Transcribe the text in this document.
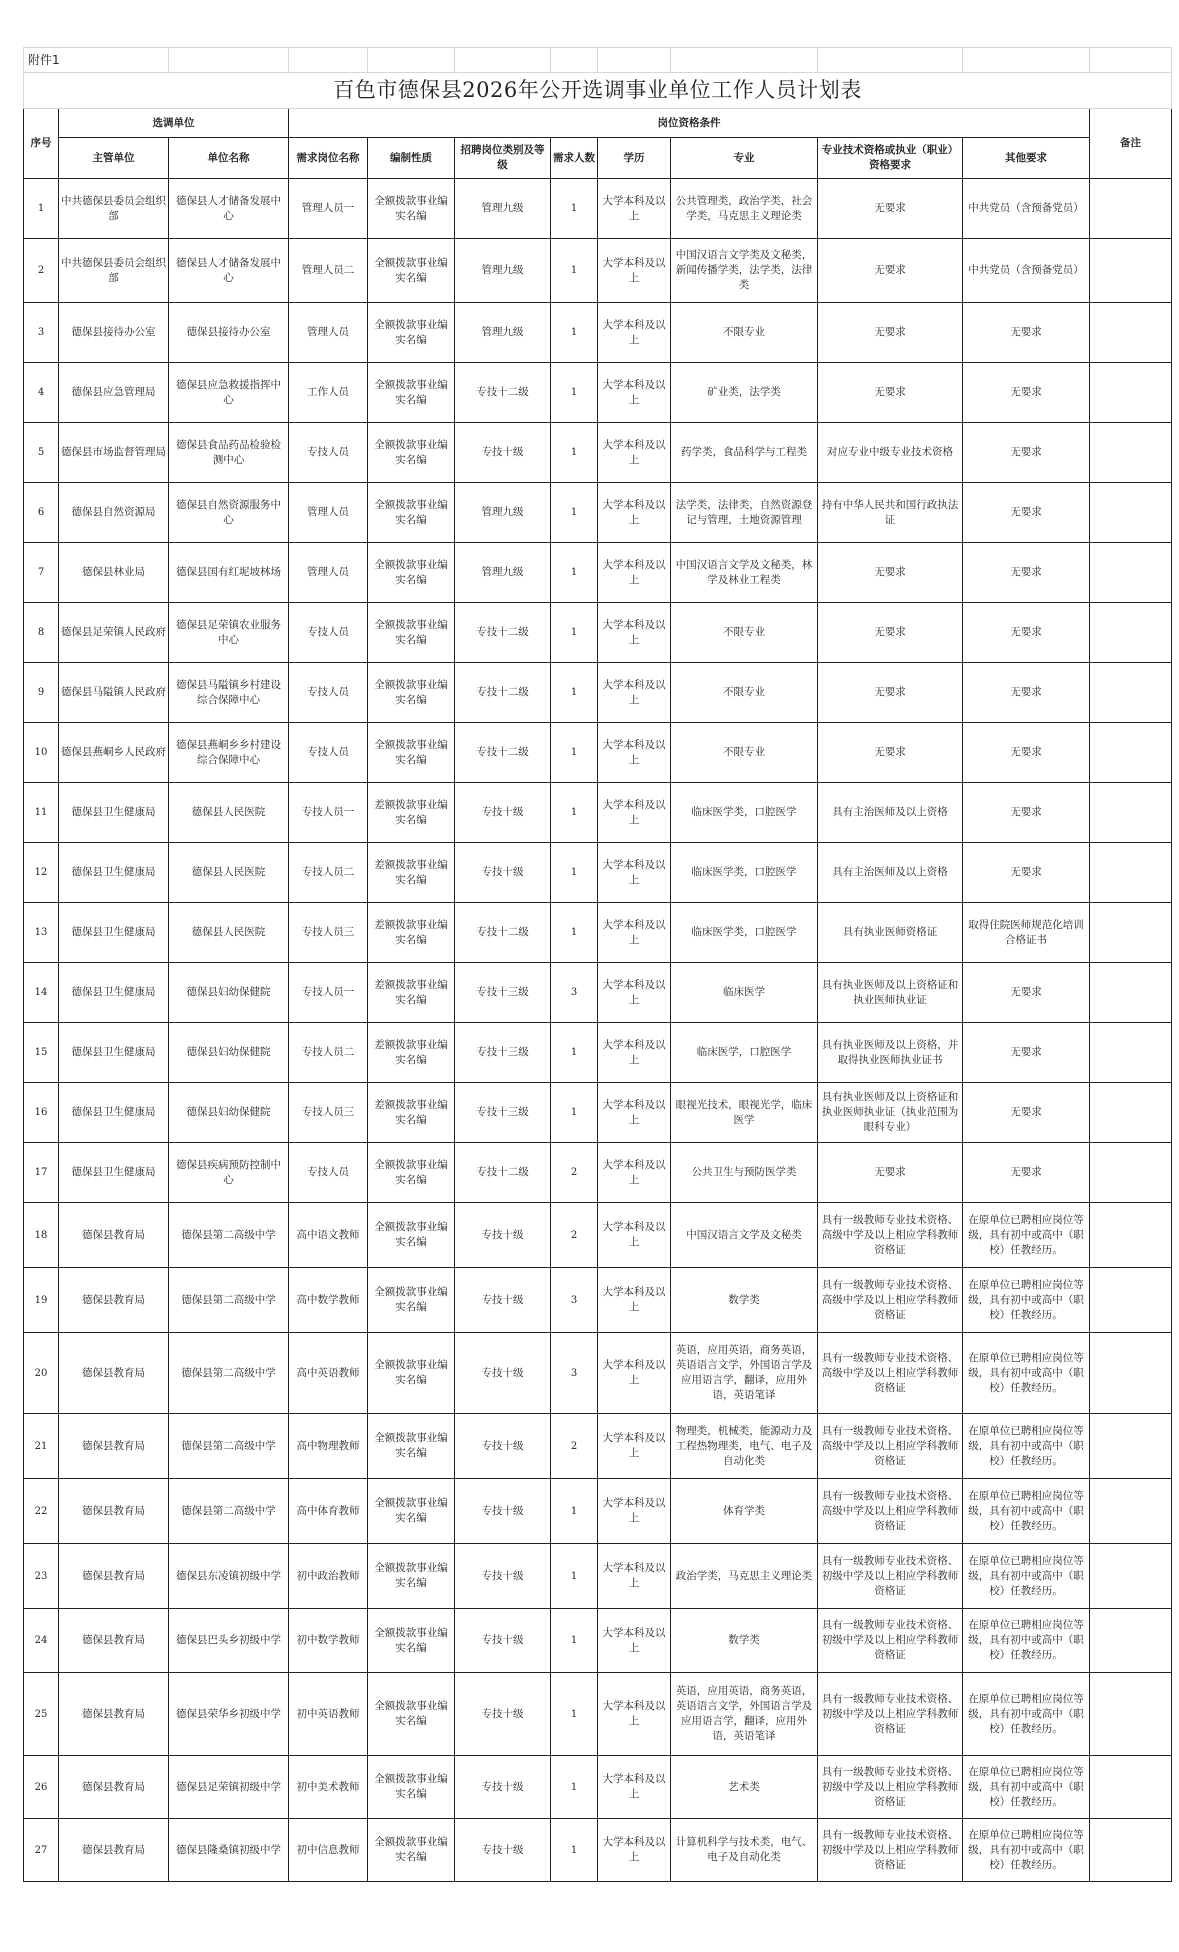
附件1											
百色市德保县2026年公开选调事业单位工作人员计划表											
序号	选调单位		岗位资格条件								备注
	主管单位	单位名称	需求岗位名称	编制性质	招聘岗位类别及等级	需求人数	学历	专业	专业技术资格或执业（职业）资格要求	其他要求	
1	中共德保县委员会组织部	德保县人才储备发展中心	管理人员一	全额拨款事业编实名编	管理九级	1	大学本科及以上	公共管理类，政治学类，社会学类，马克思主义理论类	无要求	中共党员（含预备党员）	
2	中共德保县委员会组织部	德保县人才储备发展中心	管理人员二	全额拨款事业编实名编	管理九级	1	大学本科及以上	中国汉语言文学类及文秘类，新闻传播学类，法学类，法律类	无要求	中共党员（含预备党员）	
3	德保县接待办公室	德保县接待办公室	管理人员	全额拨款事业编实名编	管理九级	1	大学本科及以上	不限专业	无要求	无要求	
4	德保县应急管理局	德保县应急救援指挥中心	工作人员	全额拨款事业编实名编	专技十二级	1	大学本科及以上	矿业类，法学类	无要求	无要求	
5	德保县市场监督管理局	德保县食品药品检验检测中心	专技人员	全额拨款事业编实名编	专技十级	1	大学本科及以上	药学类，食品科学与工程类	对应专业中级专业技术资格	无要求	
6	德保县自然资源局	德保县自然资源服务中心	管理人员	全额拨款事业编实名编	管理九级	1	大学本科及以上	法学类，法律类，自然资源登记与管理，土地资源管理	持有中华人民共和国行政执法证	无要求	
7	德保县林业局	德保县国有红坭坡林场	管理人员	全额拨款事业编实名编	管理九级	1	大学本科及以上	中国汉语言文学及文秘类，林学及林业工程类	无要求	无要求	
8	德保县足荣镇人民政府	德保县足荣镇农业服务中心	专技人员	全额拨款事业编实名编	专技十二级	1	大学本科及以上	不限专业	无要求	无要求	
9	德保县马隘镇人民政府	德保县马隘镇乡村建设综合保障中心	专技人员	全额拨款事业编实名编	专技十二级	1	大学本科及以上	不限专业	无要求	无要求	
10	德保县燕峒乡人民政府	德保县燕峒乡乡村建设综合保障中心	专技人员	全额拨款事业编实名编	专技十二级	1	大学本科及以上	不限专业	无要求	无要求	
11	德保县卫生健康局	德保县人民医院	专技人员一	差额拨款事业编实名编	专技十级	1	大学本科及以上	临床医学类，口腔医学	具有主治医师及以上资格	无要求	
12	德保县卫生健康局	德保县人民医院	专技人员二	差额拨款事业编实名编	专技十级	1	大学本科及以上	临床医学类，口腔医学	具有主治医师及以上资格	无要求	
13	德保县卫生健康局	德保县人民医院	专技人员三	差额拨款事业编实名编	专技十二级	1	大学本科及以上	临床医学类，口腔医学	具有执业医师资格证	取得住院医师规范化培训合格证书	
14	德保县卫生健康局	德保县妇幼保健院	专技人员一	差额拨款事业编实名编	专技十三级	3	大学本科及以上	临床医学	具有执业医师及以上资格证和执业医师执业证	无要求	
15	德保县卫生健康局	德保县妇幼保健院	专技人员二	差额拨款事业编实名编	专技十三级	1	大学本科及以上	临床医学，口腔医学	具有执业医师及以上资格，并取得执业医师执业证书	无要求	
16	德保县卫生健康局	德保县妇幼保健院	专技人员三	差额拨款事业编实名编	专技十三级	1	大学本科及以上	眼视光技术，眼视光学，临床医学	具有执业医师及以上资格证和执业医师执业证（执业范围为眼科专业）	无要求	
17	德保县卫生健康局	德保县疾病预防控制中心	专技人员	全额拨款事业编实名编	专技十二级	2	大学本科及以上	公共卫生与预防医学类	无要求	无要求	
18	德保县教育局	德保县第二高级中学	高中语文教师	全额拨款事业编实名编	专技十级	2	大学本科及以上	中国汉语言文学及文秘类	具有一级教师专业技术资格、高级中学及以上相应学科教师资格证	在原单位已聘相应岗位等级，具有初中或高中（职校）任教经历。	
19	德保县教育局	德保县第二高级中学	高中数学教师	全额拨款事业编实名编	专技十级	3	大学本科及以上	数学类	具有一级教师专业技术资格、高级中学及以上相应学科教师资格证	在原单位已聘相应岗位等级，具有初中或高中（职校）任教经历。	
20	德保县教育局	德保县第二高级中学	高中英语教师	全额拨款事业编实名编	专技十级	3	大学本科及以上	英语，应用英语，商务英语，英语语言文学，外国语言学及应用语言学，翻译，应用外语，英语笔译	具有一级教师专业技术资格、高级中学及以上相应学科教师资格证	在原单位已聘相应岗位等级，具有初中或高中（职校）任教经历。	
21	德保县教育局	德保县第二高级中学	高中物理教师	全额拨款事业编实名编	专技十级	2	大学本科及以上	物理类，机械类，能源动力及工程热物理类，电气、电子及自动化类	具有一级教师专业技术资格、高级中学及以上相应学科教师资格证	在原单位已聘相应岗位等级，具有初中或高中（职校）任教经历。	
22	德保县教育局	德保县第二高级中学	高中体育教师	全额拨款事业编实名编	专技十级	1	大学本科及以上	体育学类	具有一级教师专业技术资格、高级中学及以上相应学科教师资格证	在原单位已聘相应岗位等级，具有初中或高中（职校）任教经历。	
23	德保县教育局	德保县东凌镇初级中学	初中政治教师	全额拨款事业编实名编	专技十级	1	大学本科及以上	政治学类，马克思主义理论类	具有一级教师专业技术资格、初级中学及以上相应学科教师资格证	在原单位已聘相应岗位等级，具有初中或高中（职校）任教经历。	
24	德保县教育局	德保县巴头乡初级中学	初中数学教师	全额拨款事业编实名编	专技十级	1	大学本科及以上	数学类	具有一级教师专业技术资格、初级中学及以上相应学科教师资格证	在原单位已聘相应岗位等级，具有初中或高中（职校）任教经历。	
25	德保县教育局	德保县荣华乡初级中学	初中英语教师	全额拨款事业编实名编	专技十级	1	大学本科及以上	英语，应用英语，商务英语，英语语言文学，外国语言学及应用语言学，翻译，应用外语，英语笔译	具有一级教师专业技术资格、初级中学及以上相应学科教师资格证	在原单位已聘相应岗位等级，具有初中或高中（职校）任教经历。	
26	德保县教育局	德保县足荣镇初级中学	初中美术教师	全额拨款事业编实名编	专技十级	1	大学本科及以上	艺术类	具有一级教师专业技术资格、初级中学及以上相应学科教师资格证	在原单位已聘相应岗位等级，具有初中或高中（职校）任教经历。	
27	德保县教育局	德保县隆桑镇初级中学	初中信息教师	全额拨款事业编实名编	专技十级	1	大学本科及以上	计算机科学与技术类，电气、电子及自动化类	具有一级教师专业技术资格、初级中学及以上相应学科教师资格证	在原单位已聘相应岗位等级，具有初中或高中（职校）任教经历。	
